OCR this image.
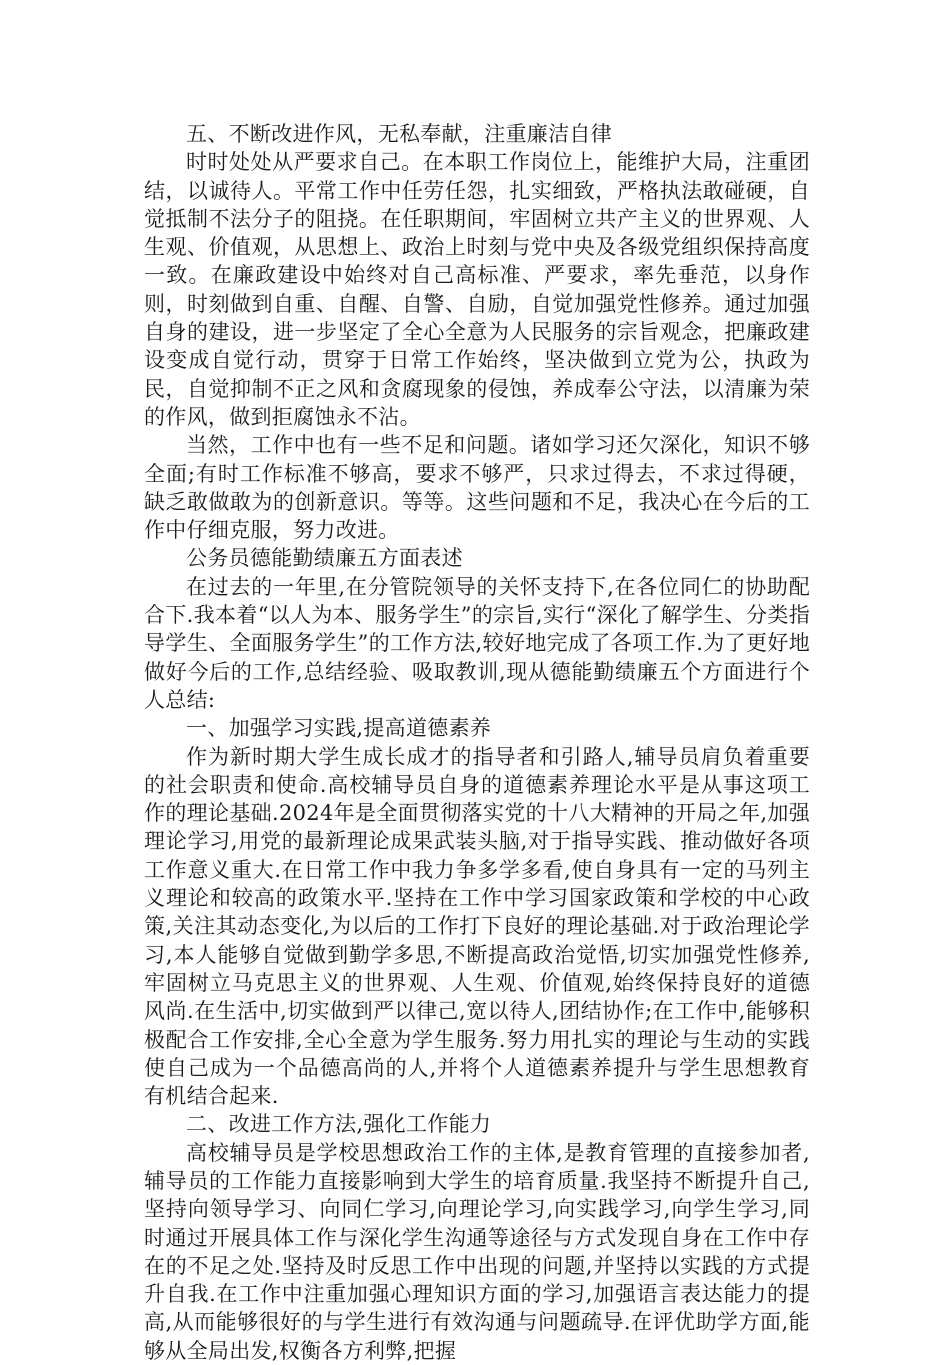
五、不断改进作风，无私奉献，注重廉洁自律

时时处处从严要求自己。在本职工作岗位上，能维护大局，注重团结，以诚待人。平常工作中任劳任怨，扎实细致，严格执法敢碰硬，自觉抵制不法分子的阻挠。在任职期间，牢固树立共产主义的世界观、人生观、价值观，从思想上、政治上时刻与党中央及各级党组织保持高度一致。在廉政建设中始终对自己高标准、严要求，率先垂范，以身作则，时刻做到自重、自醒、自警、自励，自觉加强党性修养。通过加强自身的建设，进一步坚定了全心全意为人民服务的宗旨观念，把廉政建设变成自觉行动，贯穿于日常工作始终，坚决做到立党为公，执政为民，自觉抑制不正之风和贪腐现象的侵蚀，养成奉公守法，以清廉为荣的作风，做到拒腐蚀永不沾。

当然，工作中也有一些不足和问题。诸如学习还欠深化，知识不够全面;有时工作标准不够高，要求不够严，只求过得去，不求过得硬，缺乏敢做敢为的创新意识。等等。这些问题和不足，我决心在今后的工作中仔细克服，努力改进。

公务员德能勤绩廉五方面表述

在过去的一年里,在分管院领导的关怀支持下,在各位同仁的协助配合下.我本着“以人为本、服务学生”的宗旨,实行“深化了解学生、分类指导学生、全面服务学生”的工作方法,较好地完成了各项工作.为了更好地做好今后的工作,总结经验、吸取教训,现从德能勤绩廉五个方面进行个人总结:

一、加强学习实践,提高道德素养

作为新时期大学生成长成才的指导者和引路人,辅导员肩负着重要的社会职责和使命.高校辅导员自身的道德素养理论水平是从事这项工作的理论基础.2024年是全面贯彻落实党的十八大精神的开局之年,加强理论学习,用党的最新理论成果武装头脑,对于指导实践、推动做好各项工作意义重大.在日常工作中我力争多学多看,使自身具有一定的马列主义理论和较高的政策水平.坚持在工作中学习国家政策和学校的中心政策,关注其动态变化,为以后的工作打下良好的理论基础.对于政治理论学习,本人能够自觉做到勤学多思,不断提高政治觉悟,切实加强党性修养,牢固树立马克思主义的世界观、人生观、价值观,始终保持良好的道德风尚.在生活中,切实做到严以律己,宽以待人,团结协作;在工作中,能够积极配合工作安排,全心全意为学生服务.努力用扎实的理论与生动的实践使自己成为一个品德高尚的人,并将个人道德素养提升与学生思想教育有机结合起来.

二、改进工作方法,强化工作能力

高校辅导员是学校思想政治工作的主体,是教育管理的直接参加者,辅导员的工作能力直接影响到大学生的培育质量.我坚持不断提升自己,坚持向领导学习、向同仁学习,向理论学习,向实践学习,向学生学习,同时通过开展具体工作与深化学生沟通等途径与方式发现自身在工作中存在的不足之处.坚持及时反思工作中出现的问题,并坚持以实践的方式提升自我.在工作中注重加强心理知识方面的学习,加强语言表达能力的提高,从而能够很好的与学生进行有效沟通与问题疏导.在评优助学方面,能够从全局出发,权衡各方利弊,把握
